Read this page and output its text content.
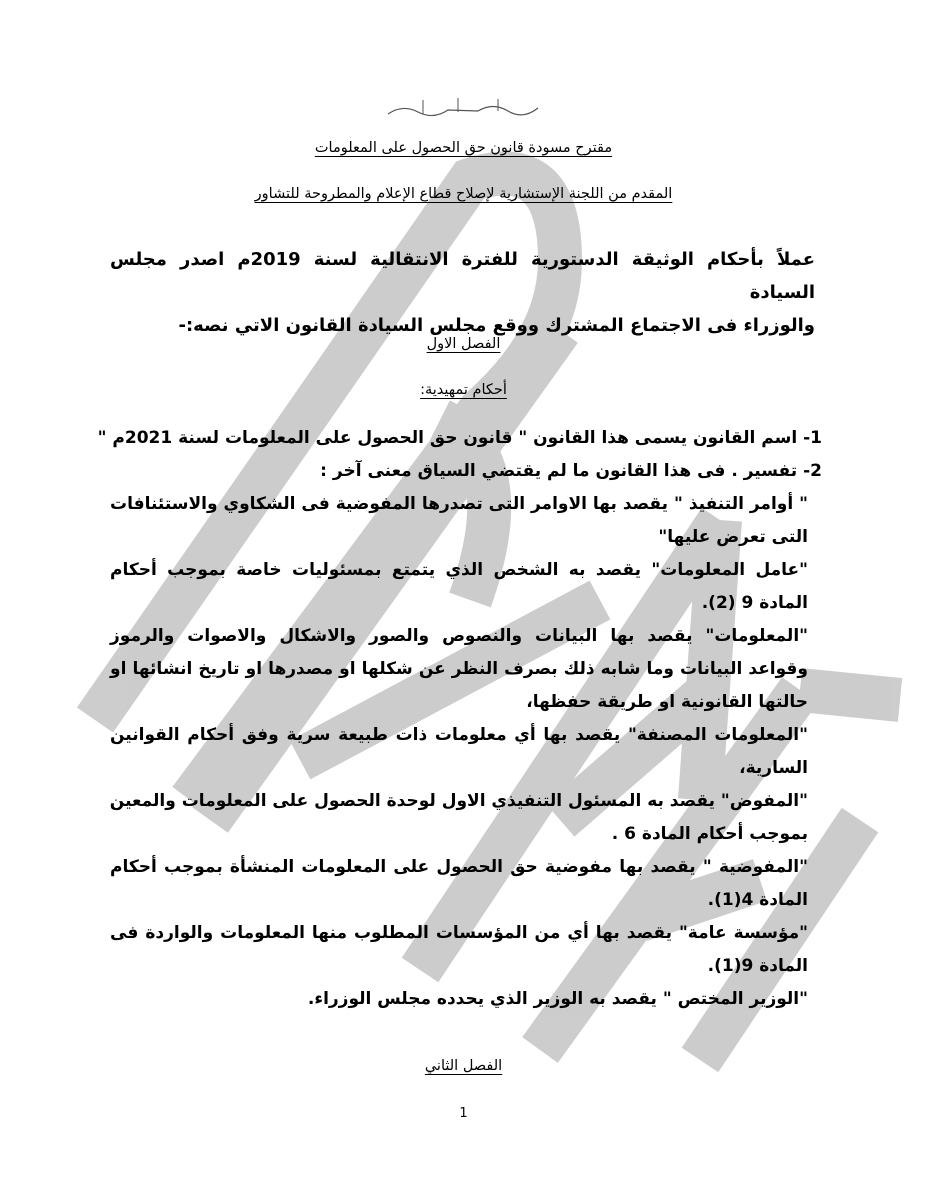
مقترح مسودة قانون حق الحصول على المعلومات
المقدم من اللجنة الإستشارية لإصلاح قطاع الإعلام والمطروحة للتشاور
عملاً بأحكام الوثيقة الدستورية للفترة الانتقالية لسنة 2019م اصدر مجلس السيادة
والوزراء فى الاجتماع المشترك ووقع مجلس السيادة القانون الاتي نصه:-
الفصل الاول
أحكام تمهيدية:
1- اسم القانون يسمى هذا القانون " قانون حق الحصول على المعلومات لسنة 2021م "
2- تفسير . فى هذا القانون ما لم يقتضي السياق معنى آخر :
" أوامر التنفيذ " يقصد بها الاوامر التى تصدرها المفوضية فى الشكاوي والاستئنافات
التى تعرض عليها"
"عامل المعلومات" يقصد به الشخص الذي يتمتع بمسئوليات خاصة بموجب أحكام
المادة 9 (2).
"المعلومات" يقصد بها البيانات والنصوص والصور والاشكال والاصوات والرموز
وقواعد البيانات وما شابه ذلك بصرف النظر عن شكلها او مصدرها او تاريخ انشائها او
حالتها القانونية او طريقة حفظها،
"المعلومات المصنفة" يقصد بها أي معلومات ذات طبيعة سرية وفق أحكام القوانين
السارية،
"المفوض" يقصد به المسئول التنفيذي الاول لوحدة الحصول على المعلومات والمعين
بموجب أحكام المادة 6 .
"المفوضية " يقصد بها مفوضية حق الحصول على المعلومات المنشأة بموجب أحكام
المادة 4(1).
"مؤسسة عامة" يقصد بها أي من المؤسسات المطلوب منها المعلومات والواردة فى
المادة 9(1).
"الوزير المختص " يقصد به الوزير الذي يحدده مجلس الوزراء.
الفصل الثاني
1
